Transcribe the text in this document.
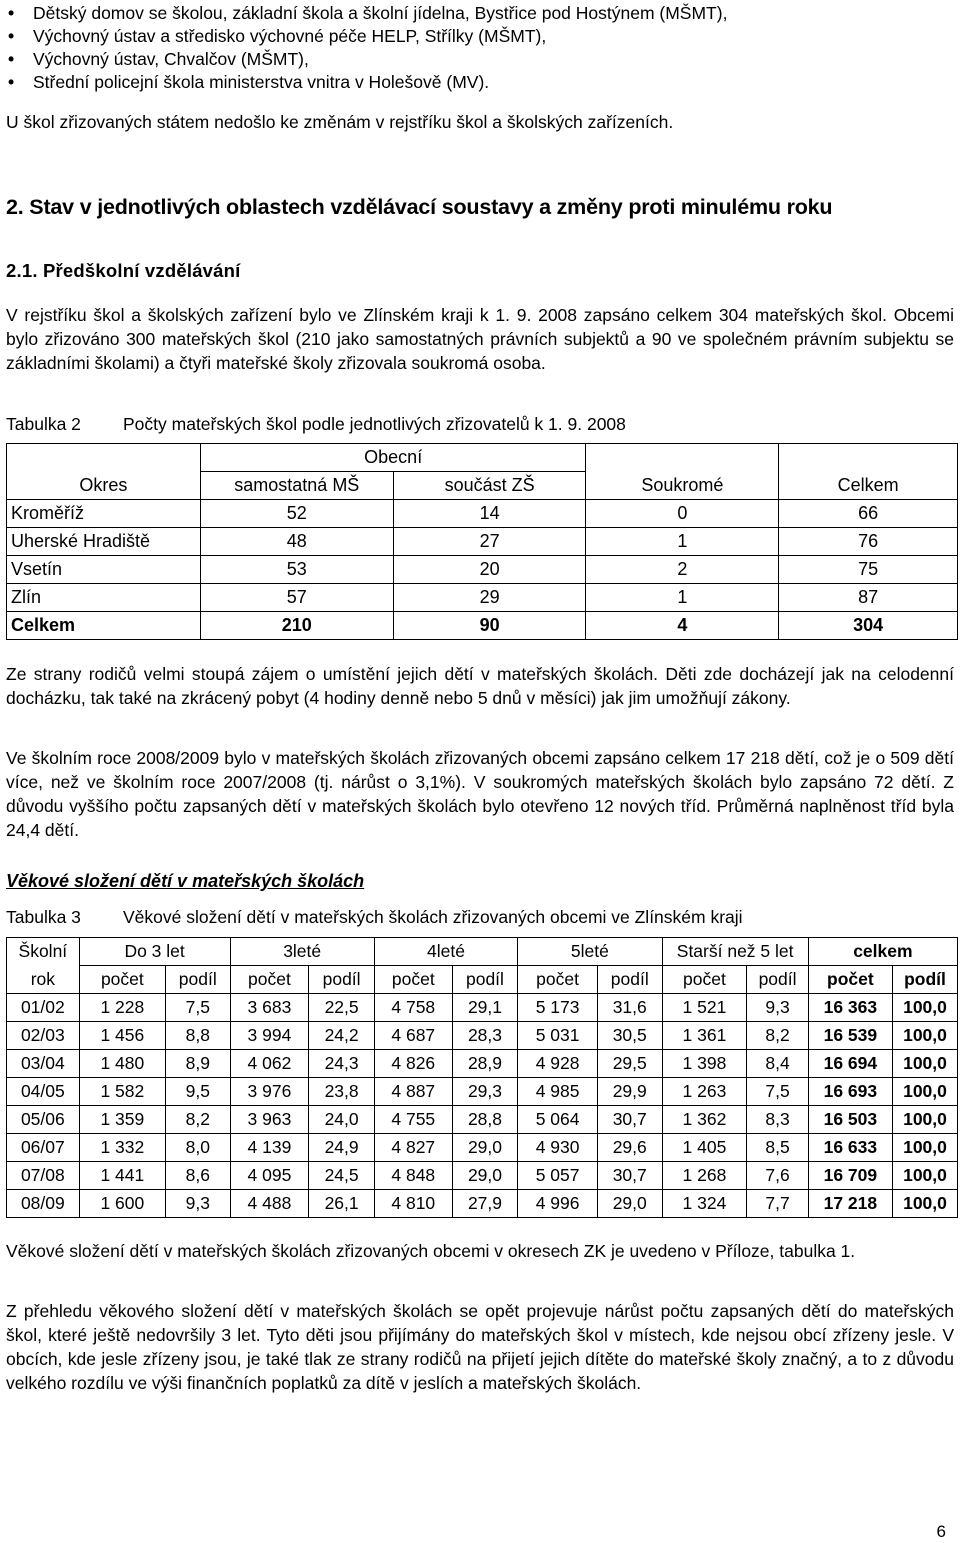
• Dětský domov se školou, základní škola a školní jídelna, Bystřice pod Hostýnem (MŠMT),
• Výchovný ústav a středisko výchovné péče HELP, Střílky (MŠMT),
• Výchovný ústav, Chvalčov (MŠMT),
• Střední policejní škola ministerstva vnitra v Holešově (MV).
U škol zřizovaných státem nedošlo ke změnám v rejstříku škol a školských zařízeních.
2. Stav v jednotlivých oblastech vzdělávací soustavy a změny proti minulému roku
2.1. Předškolní vzdělávání

V rejstříku škol a školských zařízení bylo ve Zlínském kraji k 1. 9. 2008 zapsáno celkem 304 mateřských škol. Obcemi bylo zřizováno 300 mateřských škol (210 jako samostatných právních subjektů a 90 ve společném právním subjektu se základními školami) a čtyři mateřské školy zřizovala soukromá osoba.

Tabulka 2 Počty mateřských škol podle jednotlivých zřizovatelů k 1. 9. 2008
Okres	Obecní		Soukromé	Celkem
	samostatná MŠ	součást ZŠ		
Kroměříž	52	14	0	66
Uherské Hradiště	48	27	1	76
Vsetín	53	20	2	75
Zlín	57	29	1	87
Celkem	210	90	4	304

Ze strany rodičů velmi stoupá zájem o umístění jejich dětí v mateřských školách. Děti zde docházejí jak na celodenní docházku, tak také na zkrácený pobyt (4 hodiny denně nebo 5 dnů v měsíci) jak jim umožňují zákony.

Ve školním roce 2008/2009 bylo v mateřských školách zřizovaných obcemi zapsáno celkem 17 218 dětí, což je o 509 dětí více, než ve školním roce 2007/2008 (tj. nárůst o 3,1%). V soukromých mateřských školách bylo zapsáno 72 dětí. Z důvodu vyššího počtu zapsaných dětí v mateřských školách bylo otevřeno 12 nových tříd. Průměrná naplněnost tříd byla 24,4 dětí.

Věkové složení dětí v mateřských školách
Tabulka 3 Věkové složení dětí v mateřských školách zřizovaných obcemi ve Zlínském kraji
Školní	Do 3 let		3leté		4leté		5leté		Starší než 5 let		celkem	
rok	počet	podíl	počet	podíl	počet	podíl	počet	podíl	počet	podíl	počet	podíl
01/02	1 228	7,5	3 683	22,5	4 758	29,1	5 173	31,6	1 521	9,3	16 363	100,0
02/03	1 456	8,8	3 994	24,2	4 687	28,3	5 031	30,5	1 361	8,2	16 539	100,0
03/04	1 480	8,9	4 062	24,3	4 826	28,9	4 928	29,5	1 398	8,4	16 694	100,0
04/05	1 582	9,5	3 976	23,8	4 887	29,3	4 985	29,9	1 263	7,5	16 693	100,0
05/06	1 359	8,2	3 963	24,0	4 755	28,8	5 064	30,7	1 362	8,3	16 503	100,0
06/07	1 332	8,0	4 139	24,9	4 827	29,0	4 930	29,6	1 405	8,5	16 633	100,0
07/08	1 441	8,6	4 095	24,5	4 848	29,0	5 057	30,7	1 268	7,6	16 709	100,0
08/09	1 600	9,3	4 488	26,1	4 810	27,9	4 996	29,0	1 324	7,7	17 218	100,0

Věkové složení dětí v mateřských školách zřizovaných obcemi v okresech ZK je uvedeno v Příloze, tabulka 1.

Z přehledu věkového složení dětí v mateřských školách se opět projevuje nárůst počtu zapsaných dětí do mateřských škol, které ještě nedovršily 3 let. Tyto děti jsou přijímány do mateřských škol v místech, kde nejsou obcí zřízeny jesle. V obcích, kde jesle zřízeny jsou, je také tlak ze strany rodičů na přijetí jejich dítěte do mateřské školy značný, a to z důvodu velkého rozdílu ve výši finančních poplatků za dítě v jeslích a mateřských školách.

6
